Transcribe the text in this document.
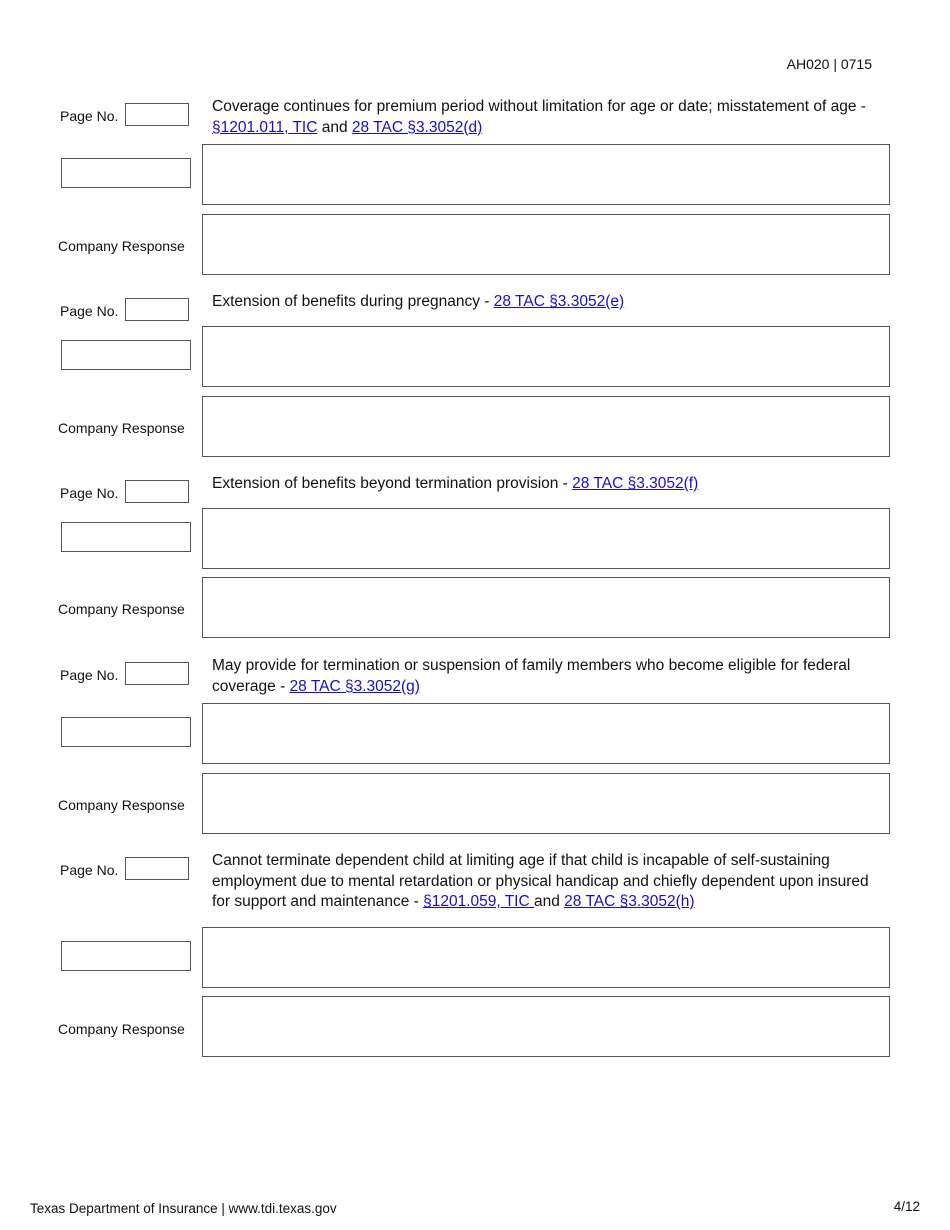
AH020 | 0715
Page No.
Coverage continues for premium period without limitation for age or date; misstatement of age - §1201.011, TIC and 28 TAC §3.3052(d)
Company Response
Page No.
Extension of benefits during pregnancy - 28 TAC §3.3052(e)
Company Response
Page No.
Extension of benefits beyond termination provision - 28 TAC §3.3052(f)
Company Response
Page No.
May provide for termination or suspension of family members who become eligible for federal coverage - 28 TAC §3.3052(g)
Company Response
Page No.
Cannot terminate dependent child at limiting age if that child is incapable of self-sustaining employment due to mental retardation or physical handicap and chiefly dependent upon insured for support and maintenance - §1201.059, TIC and 28 TAC §3.3052(h)
Company Response
Texas Department of Insurance | www.tdi.texas.gov	4/12
